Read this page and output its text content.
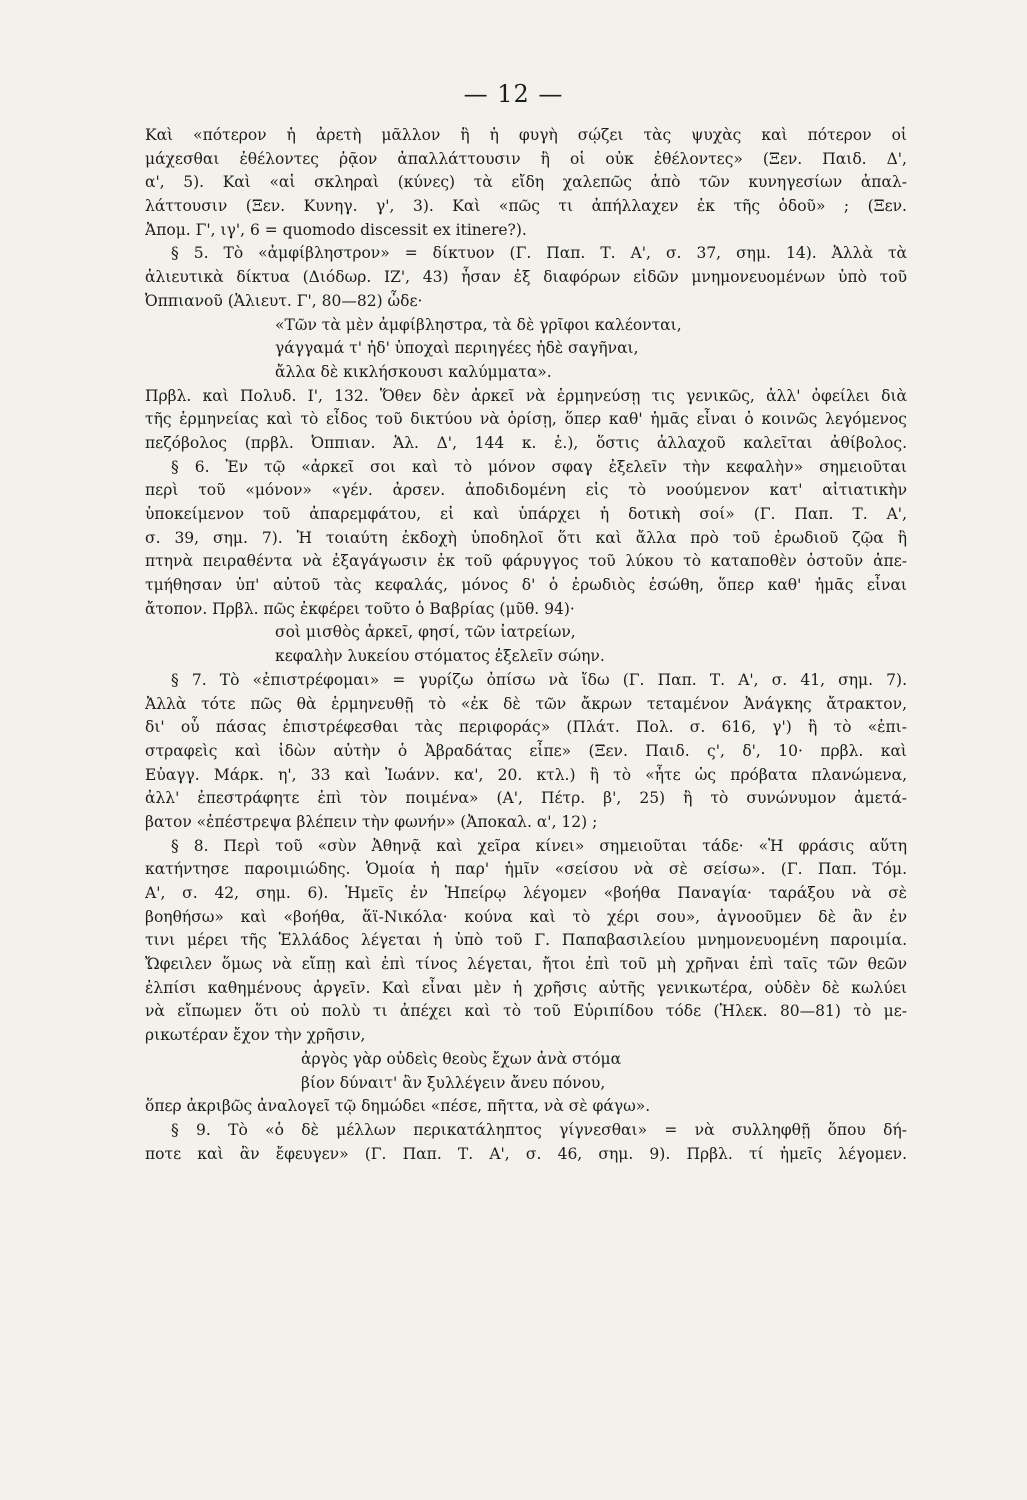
— 12 —
Καὶ «πότερον ἡ ἀρετὴ μᾶλλον ἢ ἡ φυγὴ σῴζει τὰς ψυχὰς καὶ πότερον οἱ
μάχεσθαι ἐθέλοντες ῥᾷον ἀπαλλάττουσιν ἢ οἱ οὐκ ἐθέλοντες» (Ξεν. Παιδ. Δ',
α', 5). Καὶ «αἱ σκληραὶ (κύνες) τὰ εἴδη χαλεπῶς ἀπὸ τῶν κυνηγεσίων ἀπαλ-
λάττουσιν (Ξεν. Κυνηγ. γ', 3). Καὶ «πῶς τι ἀπήλλαχεν ἐκ τῆς ὁδοῦ» ; (Ξεν.
Ἀπομ. Γ', ιγ', 6 = quomodo discessit ex itinere?).
§ 5. Τὸ «ἀμφίβληστρον» = δίκτυον (Γ. Παπ. Τ. Α', σ. 37, σημ. 14). Ἀλλὰ τὰ
ἁλιευτικὰ δίκτυα (Διόδωρ. ΙΖ', 43) ἦσαν ἐξ διαφόρων εἰδῶν μνημονευομένων ὑπὸ τοῦ
Ὀππιανοῦ (Ἁλιευτ. Γ', 80—82) ὧδε·
«Τῶν τὰ μὲν ἀμφίβληστρα, τὰ δὲ γρῖφοι καλέονται,
γάγγαμά τ' ἠδ' ὑποχαὶ περιηγέες ἠδὲ σαγῆναι,
ἄλλα δὲ κικλήσκουσι καλύμματα».
Πρβλ. καὶ Πολυδ. Ι', 132. Ὅθεν δὲν ἀρκεῖ νὰ ἑρμηνεύσῃ τις γενικῶς, ἀλλ' ὀφείλει διὰ
τῆς ἑρμηνείας καὶ τὸ εἶδος τοῦ δικτύου νὰ ὁρίσῃ, ὅπερ καθ' ἡμᾶς εἶναι ὁ κοινῶς λεγόμενος
πεζόβολος (πρβλ. Ὀππιαν. Ἁλ. Δ', 144 κ. ἑ.), ὅστις ἀλλαχοῦ καλεῖται ἀθίβολος.
§ 6. Ἐν τῷ «ἀρκεῖ σοι καὶ τὸ μόνον σφαγ ἐξελεῖν τὴν κεφαλὴν» σημειοῦται
περὶ τοῦ «μόνον» «γέν. ἀρσεν. ἀποδιδομένη εἰς τὸ νοούμενον κατ' αἰτιατικὴν
ὑποκείμενον τοῦ ἀπαρεμφάτου, εἰ καὶ ὑπάρχει ἡ δοτικὴ σοί» (Γ. Παπ. Τ. Α',
σ. 39, σημ. 7). Ἡ τοιαύτη ἐκδοχὴ ὑποδηλοῖ ὅτι καὶ ἄλλα πρὸ τοῦ ἐρωδιοῦ ζῷα ἢ
πτηνὰ πειραθέντα νὰ ἐξαγάγωσιν ἐκ τοῦ φάρυγγος τοῦ λύκου τὸ καταποθὲν ὀστοῦν ἀπε-
τμήθησαν ὑπ' αὐτοῦ τὰς κεφαλάς, μόνος δ' ὁ ἐρωδιὸς ἐσώθη, ὅπερ καθ' ἡμᾶς εἶναι
ἄτοπον. Πρβλ. πῶς ἐκφέρει τοῦτο ὁ Βαβρίας (μῦθ. 94)·
σοὶ μισθὸς ἀρκεῖ, φησί, τῶν ἰατρείων,
κεφαλὴν λυκείου στόματος ἐξελεῖν σώην.
§ 7. Τὸ «ἐπιστρέφομαι» = γυρίζω ὀπίσω νὰ ἴδω (Γ. Παπ. Τ. Α', σ. 41, σημ. 7).
Ἀλλὰ τότε πῶς θὰ ἑρμηνευθῇ τὸ «ἐκ δὲ τῶν ἄκρων τεταμένον Ἀνάγκης ἄτρακτον,
δι' οὗ πάσας ἐπιστρέφεσθαι τὰς περιφοράς» (Πλάτ. Πολ. σ. 616, γ') ἢ τὸ «ἐπι-
στραφεὶς καὶ ἰδὼν αὐτὴν ὁ Ἀβραδάτας εἶπε» (Ξεν. Παιδ. ς', δ', 10· πρβλ. καὶ
Εὐαγγ. Μάρκ. η', 33 καὶ Ἰωάνν. κα', 20. κτλ.) ἢ τὸ «ἦτε ὡς πρόβατα πλανώμενα,
ἀλλ' ἐπεστράφητε ἐπὶ τὸν ποιμένα» (Α', Πέτρ. β', 25) ἢ τὸ συνώνυμον ἀμετά-
βατον «ἐπέστρεψα βλέπειν τὴν φωνήν» (Ἀποκαλ. α', 12) ;
§ 8. Περὶ τοῦ «σὺν Ἀθηνᾷ καὶ χεῖρα κίνει» σημειοῦται τάδε· «Ἡ φράσις αὕτη
κατήντησε παροιμιώδης. Ὁμοία ἡ παρ' ἡμῖν «σείσου νὰ σὲ σείσω». (Γ. Παπ. Τόμ.
Α', σ. 42, σημ. 6). Ἡμεῖς ἐν Ἠπείρῳ λέγομεν «βοήθα Παναγία· ταράξου νὰ σὲ
βοηθήσω» καὶ «βοήθα, ἅϊ-Νικόλα· κούνα καὶ τὸ χέρι σου», ἀγνοοῦμεν δὲ ἂν ἐν
τινι μέρει τῆς Ἑλλάδος λέγεται ἡ ὑπὸ τοῦ Γ. Παπαβασιλείου μνημονευομένη παροιμία.
Ὤφειλεν ὅμως νὰ εἴπῃ καὶ ἐπὶ τίνος λέγεται, ἤτοι ἐπὶ τοῦ μὴ χρῆναι ἐπὶ ταῖς τῶν θεῶν
ἐλπίσι καθημένους ἀργεῖν. Καὶ εἶναι μὲν ἡ χρῆσις αὐτῆς γενικωτέρα, οὐδὲν δὲ κωλύει
νὰ εἴπωμεν ὅτι οὐ πολὺ τι ἀπέχει καὶ τὸ τοῦ Εὐριπίδου τόδε (Ἠλεκ. 80—81) τὸ με-
ρικωτέραν ἔχον τὴν χρῆσιν,
ἀργὸς γὰρ οὐδεὶς θεοὺς ἔχων ἀνὰ στόμα
βίον δύναιτ' ἂν ξυλλέγειν ἄνευ πόνου,
ὅπερ ἀκριβῶς ἀναλογεῖ τῷ δημώδει «πέσε, πῆττα, νὰ σὲ φάγω».
§ 9. Τὸ «ὁ δὲ μέλλων περικατάληπτος γίγνεσθαι» = νὰ συλληφθῇ ὅπου δή-
ποτε καὶ ἂν ἔφευγεν» (Γ. Παπ. Τ. Α', σ. 46, σημ. 9). Πρβλ. τί ἡμεῖς λέγομεν.
